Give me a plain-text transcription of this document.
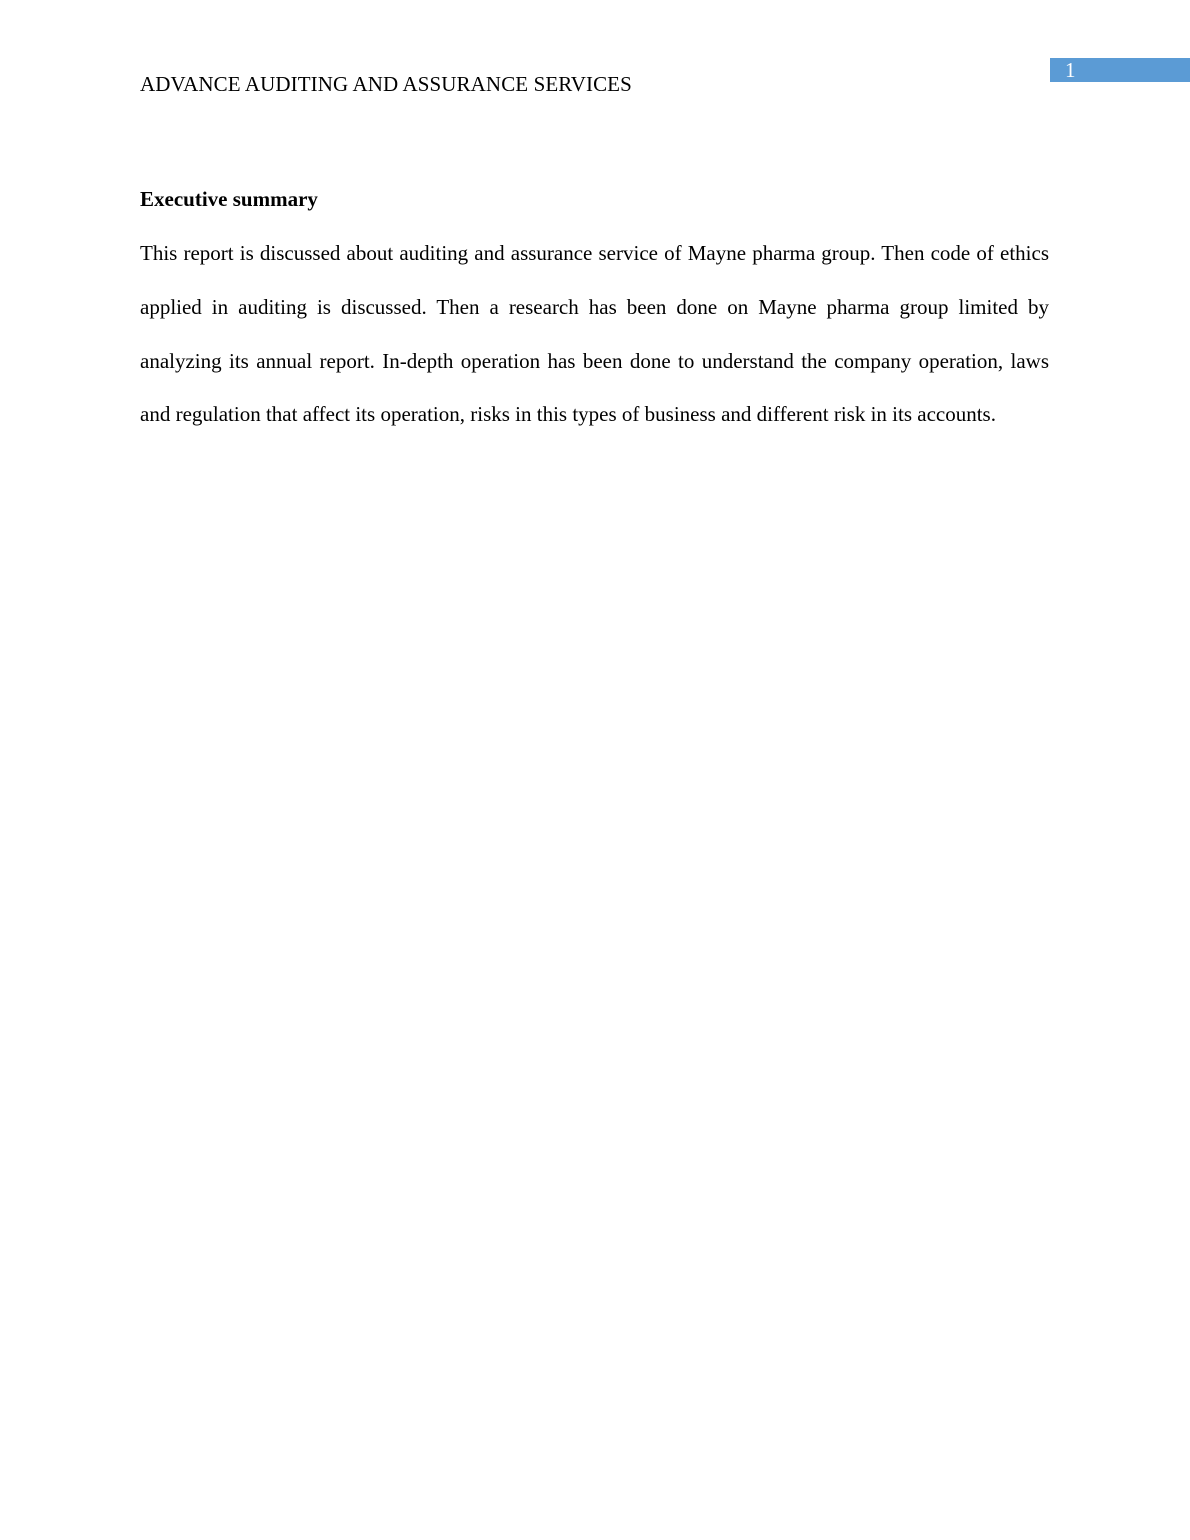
1
ADVANCE AUDITING AND ASSURANCE SERVICES
Executive summary

This report is discussed about auditing and assurance service of Mayne pharma group. Then code of ethics applied in auditing is discussed. Then a research has been done on Mayne pharma group limited by analyzing its annual report. In-depth operation has been done to understand the company operation, laws and regulation that affect its operation, risks in this types of business and different risk in its accounts.
